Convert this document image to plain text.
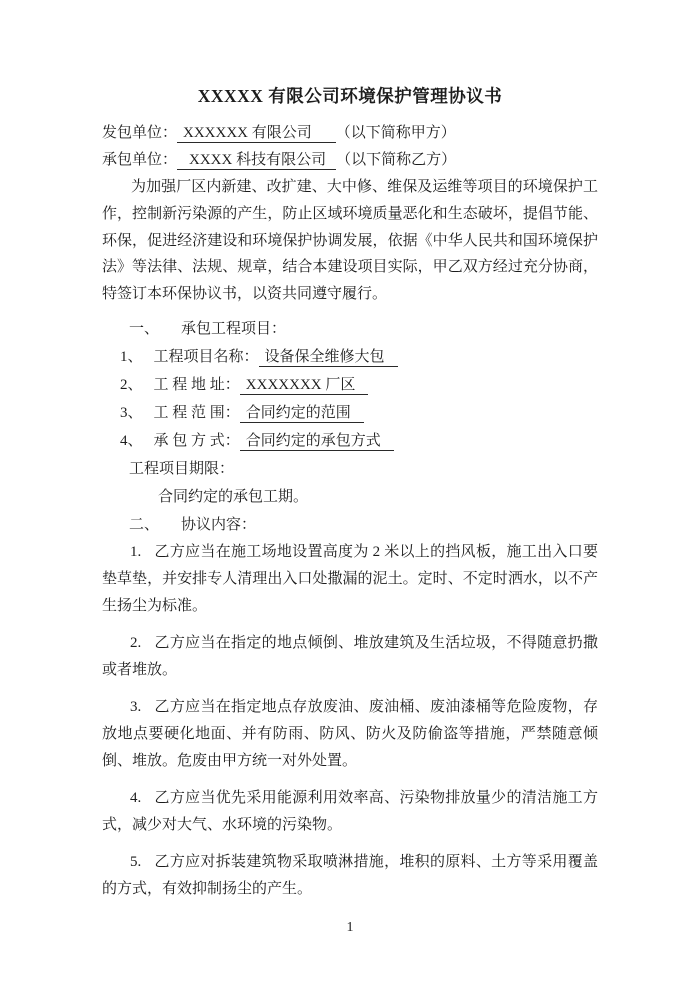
XXXXX 有限公司环境保护管理协议书

发包单位： XXXXXX 有限公司 （以下简称甲方）

承包单位： XXXX 科技有限公司 （以下简称乙方）

为加强厂区内新建、改扩建、大中修、维保及运维等项目的环境保护工作，控制新污染源的产生，防止区域环境质量恶化和生态破坏，提倡节能、环保，促进经济建设和环境保护协调发展，依据《中华人民共和国环境保护法》等法律、法规、规章，结合本建设项目实际，甲乙双方经过充分协商，特签订本环保协议书，以资共同遵守履行。

一、 承包工程项目：

1、 工程项目名称： 设备保全维修大包

2、 工 程 地 址： XXXXXXX 厂区

3、 工 程 范 围： 合同约定的范围

4、 承 包 方 式： 合同约定的承包方式

工程项目期限：

合同约定的承包工期。

二、 协议内容：

1. 乙方应当在施工场地设置高度为 2 米以上的挡风板，施工出入口要垫草垫，并安排专人清理出入口处撒漏的泥土。定时、不定时洒水，以不产生扬尘为标准。

2. 乙方应当在指定的地点倾倒、堆放建筑及生活垃圾，不得随意扔撒或者堆放。

3. 乙方应当在指定地点存放废油、废油桶、废油漆桶等危险废物，存放地点要硬化地面、并有防雨、防风、防火及防偷盗等措施，严禁随意倾倒、堆放。危废由甲方统一对外处置。

4. 乙方应当优先采用能源利用效率高、污染物排放量少的清洁施工方式，减少对大气、水环境的污染物。

5. 乙方应对拆装建筑物采取喷淋措施，堆积的原料、土方等采用覆盖的方式，有效抑制扬尘的产生。

1
